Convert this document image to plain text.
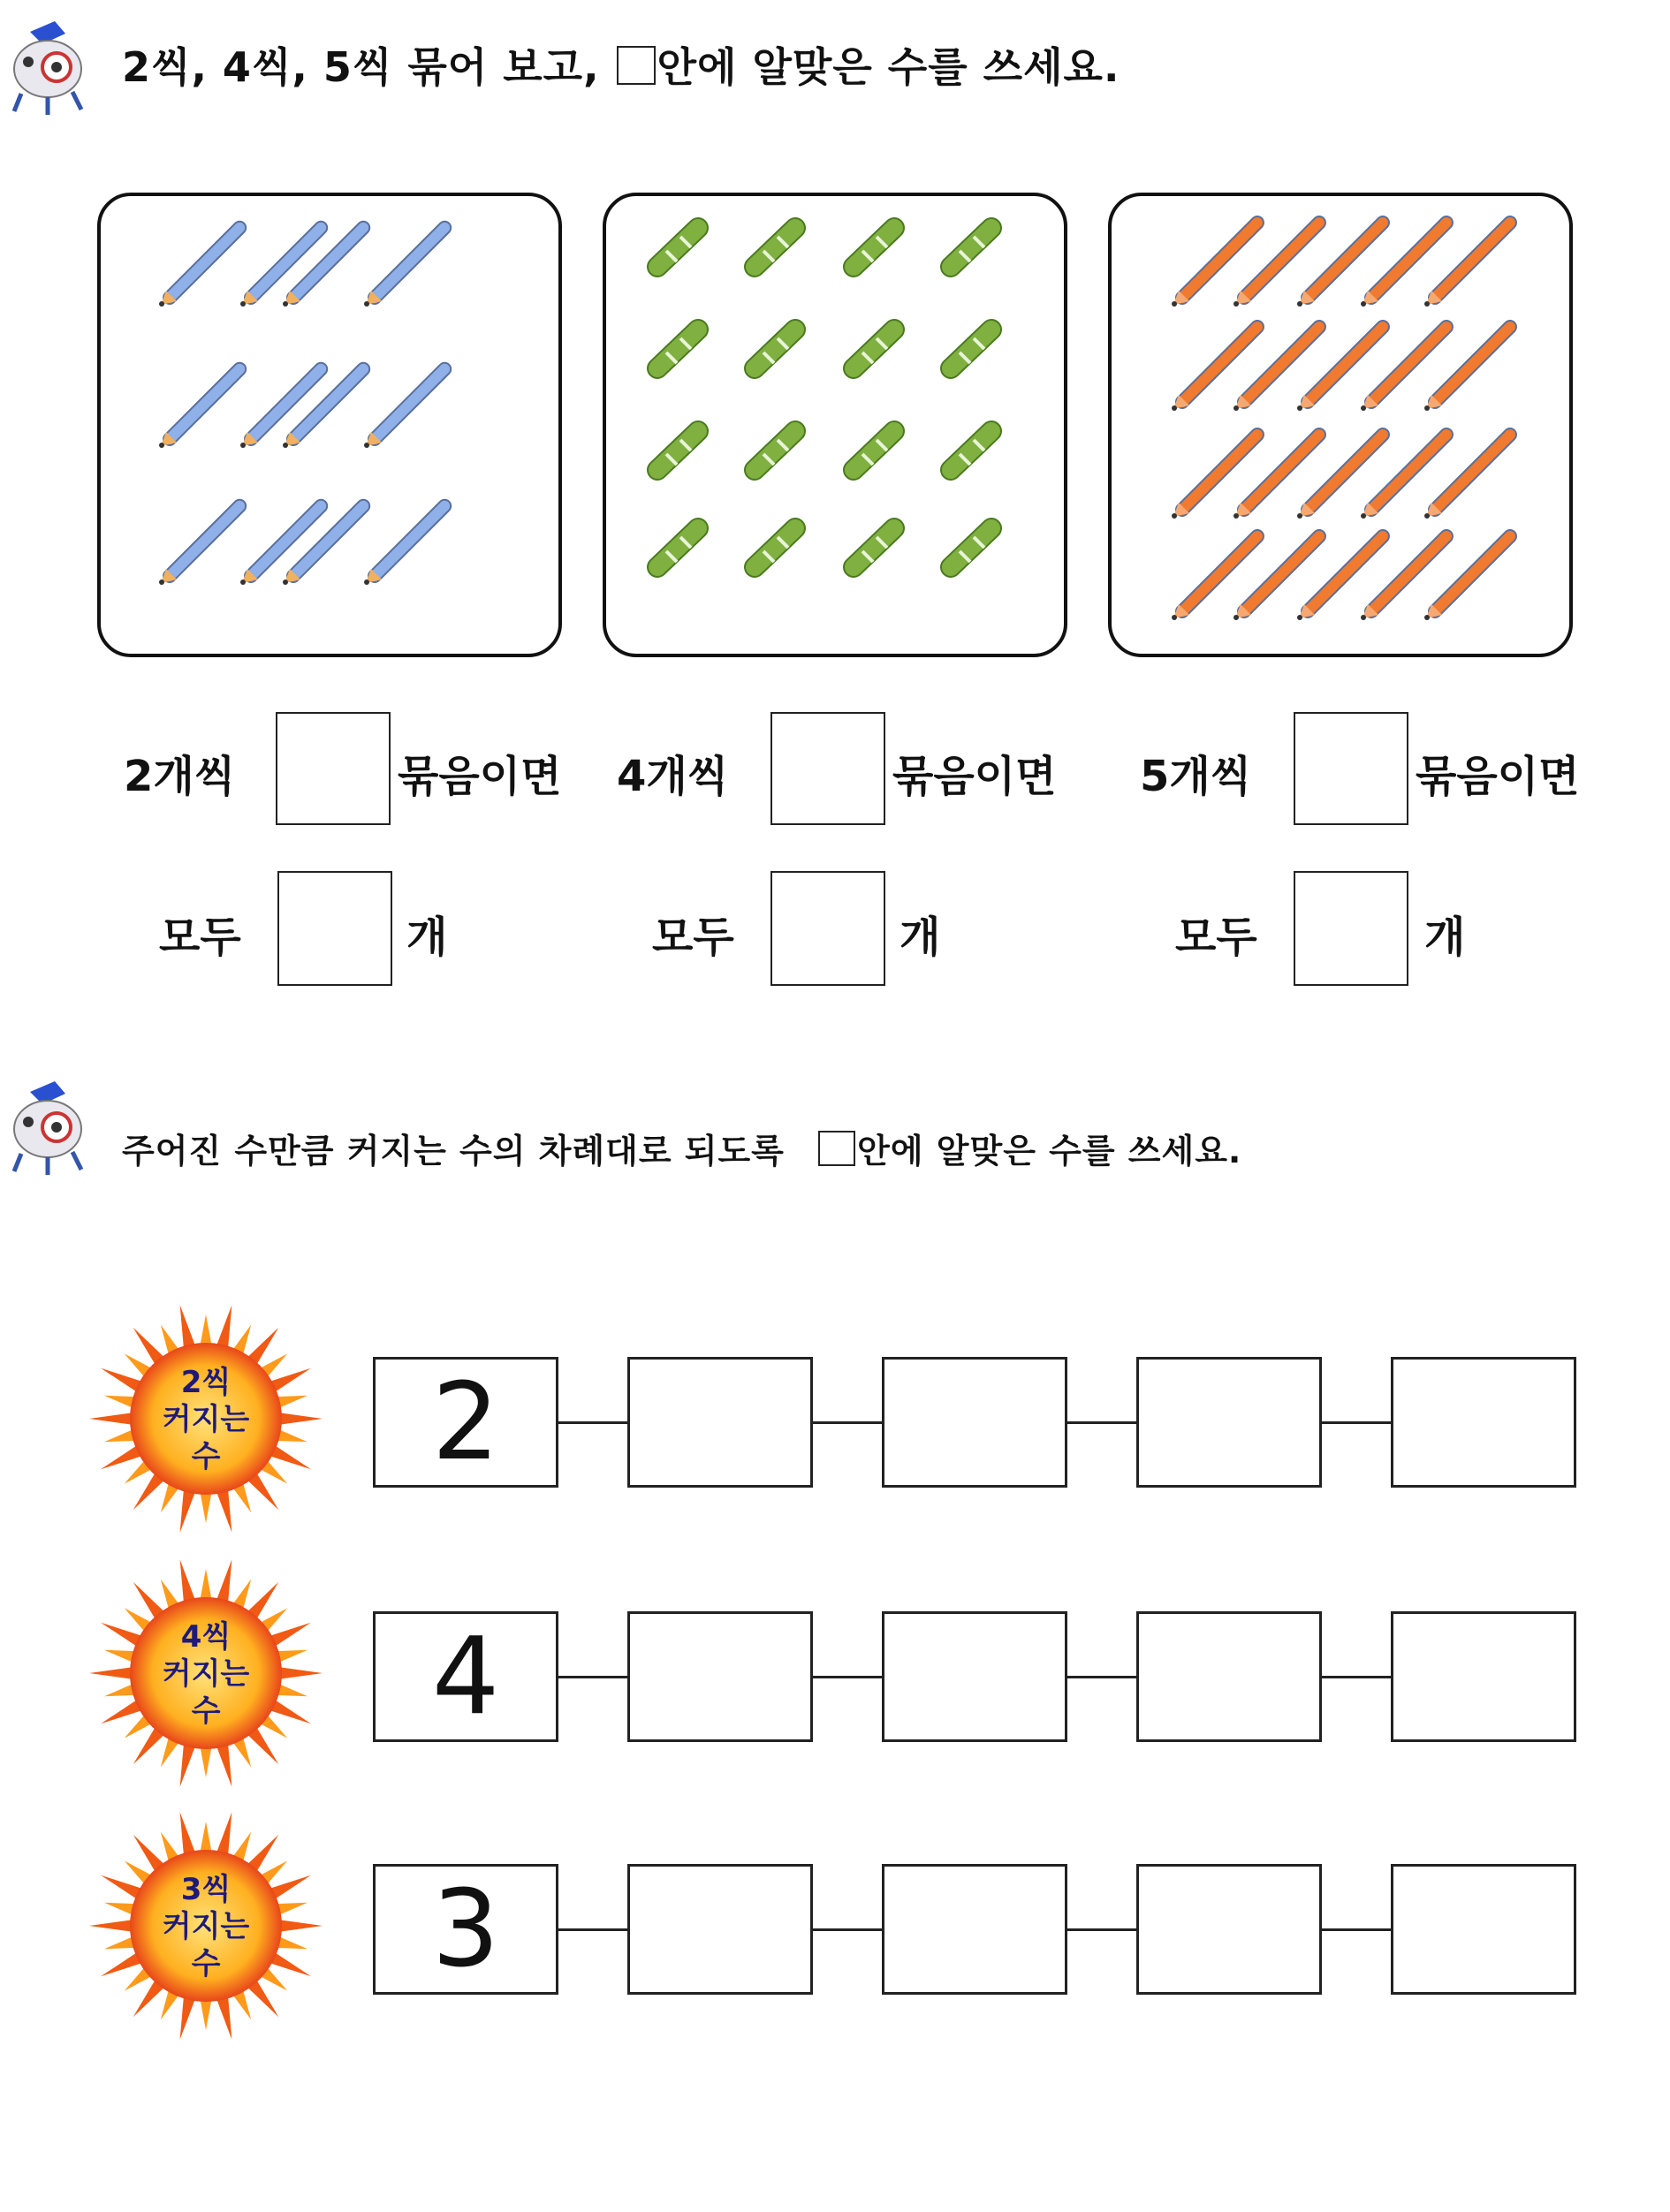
2씩, 4씩, 5씩 묶어 보고, 안에 알맞은 수를 쓰세요.
2개씩	묶음이면
모두	개
4개씩	묶음이면
모두	개
5개씩	묶음이면
모두	개
주어진 수만큼 커지는 수의 차례대로 되도록 안에 알맞은 수를 쓰세요.
2씩
커지는
수	2
4씩
커지는
수	4
3씩
커지는
수	3
